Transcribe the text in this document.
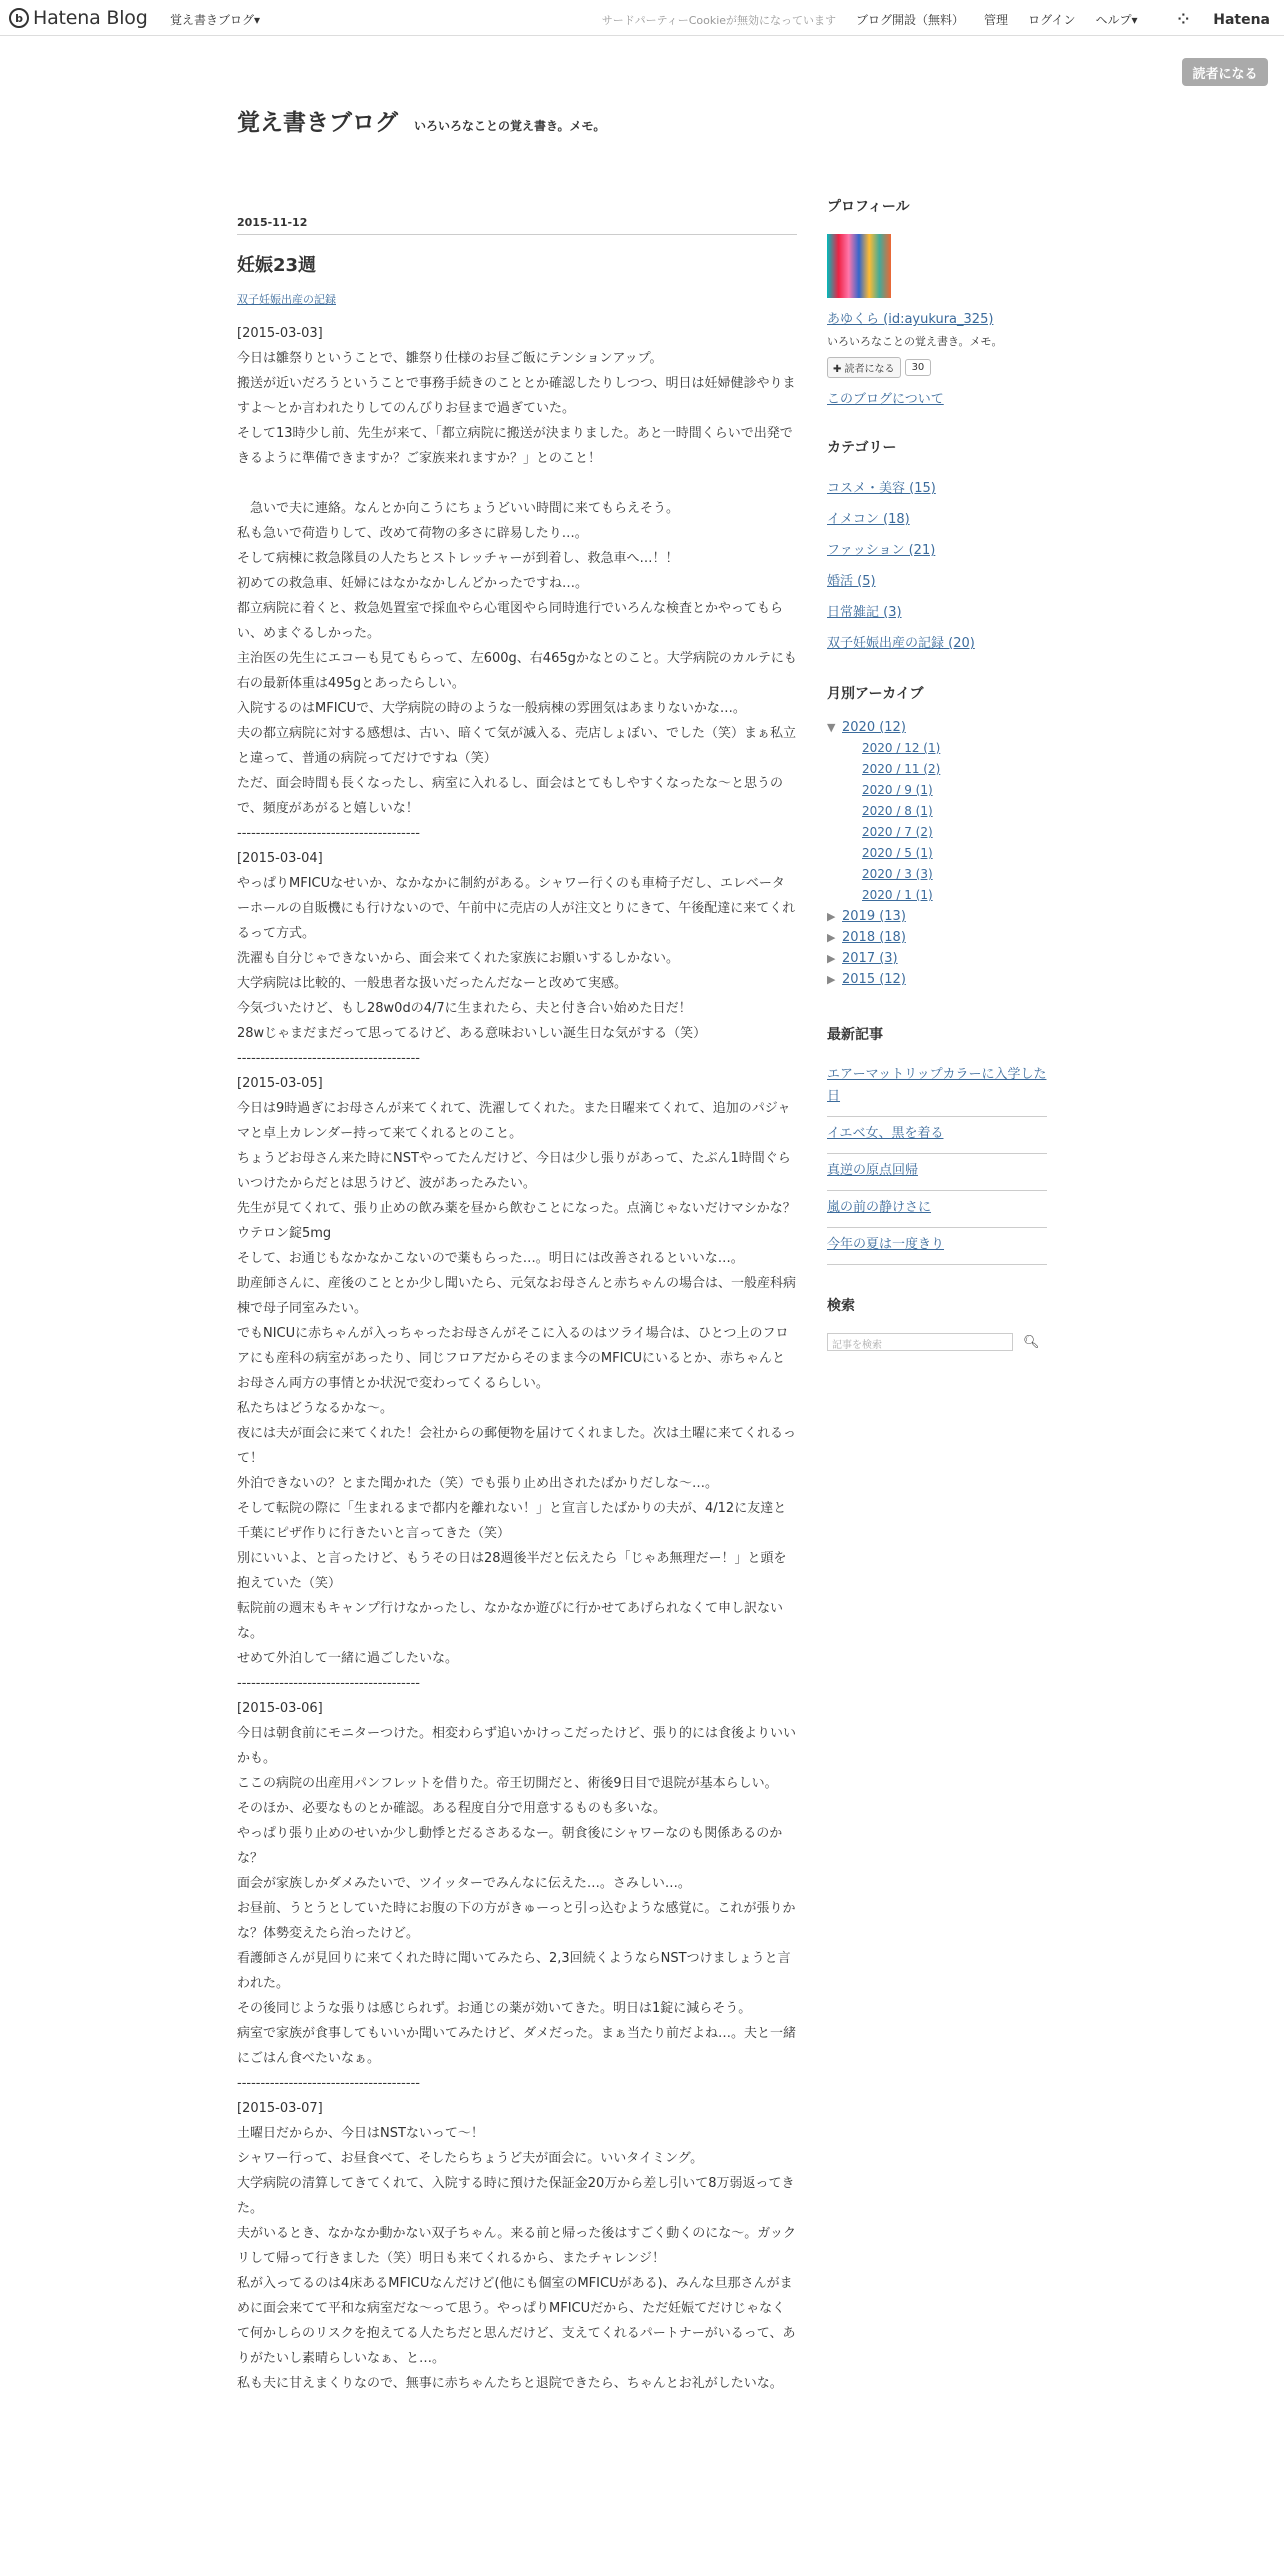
b Hatena Blog 覚え書きブログ▾	サードパーティーCookieが無効になっています ブログ開設（無料） 管理 ログイン ヘルプ▾	⁘ Hatena
読者になる
覚え書きブログ いろいろなことの覚え書き。メモ。
2015-11-12
妊娠23週
双子妊娠出産の記録

[2015-03-03]

今日は雛祭りということで、雛祭り仕様のお昼ご飯にテンションアップ。

搬送が近いだろうということで事務手続きのこととか確認したりしつつ、明日は妊婦健診やりますよ〜とか言われたりしてのんびりお昼まで過ぎていた。

そして13時少し前、先生が来て、「都立病院に搬送が決まりました。あと一時間くらいで出発できるように準備できますか？ご家族来れますか？」とのこと！

　急いで夫に連絡。なんとか向こうにちょうどいい時間に来てもらえそう。

私も急いで荷造りして、改めて荷物の多さに辟易したり…。

そして病棟に救急隊員の人たちとストレッチャーが到着し、救急車へ…！！

初めての救急車、妊婦にはなかなかしんどかったですね…。

都立病院に着くと、救急処置室で採血やら心電図やら同時進行でいろんな検査とかやってもらい、めまぐるしかった。

主治医の先生にエコーも見てもらって、左600g、右465gかなとのこと。大学病院のカルテにも右の最新体重は495gとあったらしい。

入院するのはMFICUで、大学病院の時のような一般病棟の雰囲気はあまりないかな…。

夫の都立病院に対する感想は、古い、暗くて気が滅入る、売店しょぼい、でした（笑）まぁ私立と違って、普通の病院ってだけですね（笑）

ただ、面会時間も長くなったし、病室に入れるし、面会はとてもしやすくなったな〜と思うので、頻度があがると嬉しいな！

---------------------------------------

[2015-03-04]

やっぱりMFICUなせいか、なかなかに制約がある。シャワー行くのも車椅子だし、エレベーターホールの自販機にも行けないので、午前中に売店の人が注文とりにきて、午後配達に来てくれるって方式。

洗濯も自分じゃできないから、面会来てくれた家族にお願いするしかない。

大学病院は比較的、一般患者な扱いだったんだなーと改めて実感。

今気づいたけど、もし28w0dの4/7に生まれたら、夫と付き合い始めた日だ！

28wじゃまだまだって思ってるけど、ある意味おいしい誕生日な気がする（笑）

---------------------------------------

[2015-03-05]

今日は9時過ぎにお母さんが来てくれて、洗濯してくれた。また日曜来てくれて、追加のパジャマと卓上カレンダー持って来てくれるとのこと。

ちょうどお母さん来た時にNSTやってたんだけど、今日は少し張りがあって、たぶん1時間ぐらいつけたからだとは思うけど、波があったみたい。

先生が見てくれて、張り止めの飲み薬を昼から飲むことになった。点滴じゃないだけマシかな？

ウテロン錠5mg

そして、お通じもなかなかこないので薬もらった…。明日には改善されるといいな…。

助産師さんに、産後のこととか少し聞いたら、元気なお母さんと赤ちゃんの場合は、一般産科病棟で母子同室みたい。

でもNICUに赤ちゃんが入っちゃったお母さんがそこに入るのはツライ場合は、ひとつ上のフロアにも産科の病室があったり、同じフロアだからそのまま今のMFICUにいるとか、赤ちゃんとお母さん両方の事情とか状況で変わってくるらしい。

私たちはどうなるかな〜。

夜には夫が面会に来てくれた！会社からの郵便物を届けてくれました。次は土曜に来てくれるって！

外泊できないの？とまた聞かれた（笑）でも張り止め出されたばかりだしな〜…。

そして転院の際に「生まれるまで都内を離れない！」と宣言したばかりの夫が、4/12に友達と千葉にピザ作りに行きたいと言ってきた（笑）

別にいいよ、と言ったけど、もうその日は28週後半だと伝えたら「じゃあ無理だー！」と頭を抱えていた（笑）

転院前の週末もキャンプ行けなかったし、なかなか遊びに行かせてあげられなくて申し訳ないな。

せめて外泊して一緒に過ごしたいな。

---------------------------------------

[2015-03-06]

今日は朝食前にモニターつけた。相変わらず追いかけっこだったけど、張り的には食後よりいいかも。

ここの病院の出産用パンフレットを借りた。帝王切開だと、術後9日目で退院が基本らしい。

そのほか、必要なものとか確認。ある程度自分で用意するものも多いな。

やっぱり張り止めのせいか少し動悸とだるさあるなー。朝食後にシャワーなのも関係あるのかな？

面会が家族しかダメみたいで、ツイッターでみんなに伝えた…。さみしい…。

お昼前、うとうとしていた時にお腹の下の方がきゅーっと引っ込むような感覚に。これが張りかな？体勢変えたら治ったけど。

看護師さんが見回りに来てくれた時に聞いてみたら、2,3回続くようならNSTつけましょうと言われた。

その後同じような張りは感じられず。お通じの薬が効いてきた。明日は1錠に減らそう。

病室で家族が食事してもいいか聞いてみたけど、ダメだった。まぁ当たり前だよね…。夫と一緒にごはん食べたいなぁ。

---------------------------------------

[2015-03-07]

土曜日だからか、今日はNSTないって〜！

シャワー行って、お昼食べて、そしたらちょうど夫が面会に。いいタイミング。

大学病院の清算してきてくれて、入院する時に預けた保証金20万から差し引いて8万弱返ってきた。

夫がいるとき、なかなか動かない双子ちゃん。来る前と帰った後はすごく動くのにな〜。ガックリして帰って行きました（笑）明日も来てくれるから、またチャレンジ！

私が入ってるのは4床あるMFICUなんだけど(他にも個室のMFICUがある)、みんな旦那さんがまめに面会来てて平和な病室だな〜って思う。やっぱりMFICUだから、ただ妊娠てだけじゃなくて何かしらのリスクを抱えてる人たちだと思んだけど、支えてくれるパートナーがいるって、ありがたいし素晴らしいなぁ、と…。

私も夫に甘えまくりなので、無事に赤ちゃんたちと退院できたら、ちゃんとお礼がしたいな。

プロフィール
あゆくら (id:ayukura_325)
いろいろなことの覚え書き。メモ。
✚ 読者になる	30
このブログについて
カテゴリー
コスメ・美容 (15)
イメコン (18)
ファッション (21)
婚活 (5)
日常雑記 (3)
双子妊娠出産の記録 (20)
月別アーカイブ
▼ 2020 (12)
2020 / 12 (1)
2020 / 11 (2)
2020 / 9 (1)
2020 / 8 (1)
2020 / 7 (2)
2020 / 5 (1)
2020 / 3 (3)
2020 / 1 (1)
▶ 2019 (13)
▶ 2018 (18)
▶ 2017 (3)
▶ 2015 (12)
最新記事
エアーマットリップカラーに入学した日
イエベ女、黒を着る
真逆の原点回帰
嵐の前の静けさに
今年の夏は一度きり
検索
記事を検索	🔍︎
